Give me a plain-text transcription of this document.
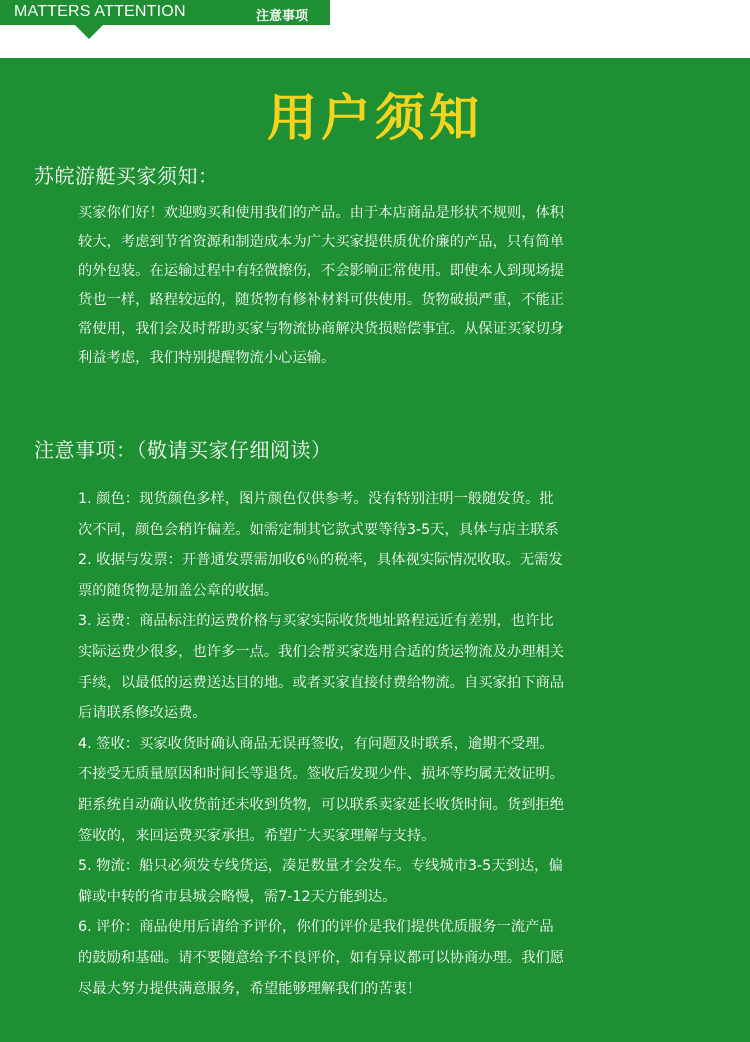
MATTERS ATTENTION	注意事项
用户须知
苏皖游艇买家须知：
买家你们好！欢迎购买和使用我们的产品。由于本店商品是形状不规则，体积
较大，考虑到节省资源和制造成本为广大买家提供质优价廉的产品，只有简单
的外包装。在运输过程中有轻微擦伤，不会影响正常使用。即使本人到现场提
货也一样，路程较远的，随货物有修补材料可供使用。货物破损严重，不能正
常使用，我们会及时帮助买家与物流协商解决货损赔偿事宜。从保证买家切身
利益考虑，我们特别提醒物流小心运输。
注意事项：（敬请买家仔细阅读）
1. 颜色：现货颜色多样，图片颜色仅供参考。没有特别注明一般随发货。批
次不同，颜色会稍许偏差。如需定制其它款式要等待3-5天，具体与店主联系
2. 收据与发票：开普通发票需加收6％的税率，具体视实际情况收取。无需发
票的随货物是加盖公章的收据。
3. 运费：商品标注的运费价格与买家实际收货地址路程远近有差别，也许比
实际运费少很多，也许多一点。我们会帮买家选用合适的货运物流及办理相关
手续，以最低的运费送达目的地。或者买家直接付费给物流。自买家拍下商品
后请联系修改运费。
4. 签收：买家收货时确认商品无误再签收，有问题及时联系，逾期不受理。
不接受无质量原因和时间长等退货。签收后发现少件、损坏等均属无效证明。
距系统自动确认收货前还未收到货物，可以联系卖家延长收货时间。货到拒绝
签收的，来回运费买家承担。希望广大买家理解与支持。
5. 物流：船只必须发专线货运，凑足数量才会发车。专线城市3-5天到达，偏
僻或中转的省市县城会略慢，需7-12天方能到达。
6. 评价：商品使用后请给予评价，你们的评价是我们提供优质服务一流产品
的鼓励和基础。请不要随意给予不良评价，如有异议都可以协商办理。我们愿
尽最大努力提供满意服务，希望能够理解我们的苦衷！
